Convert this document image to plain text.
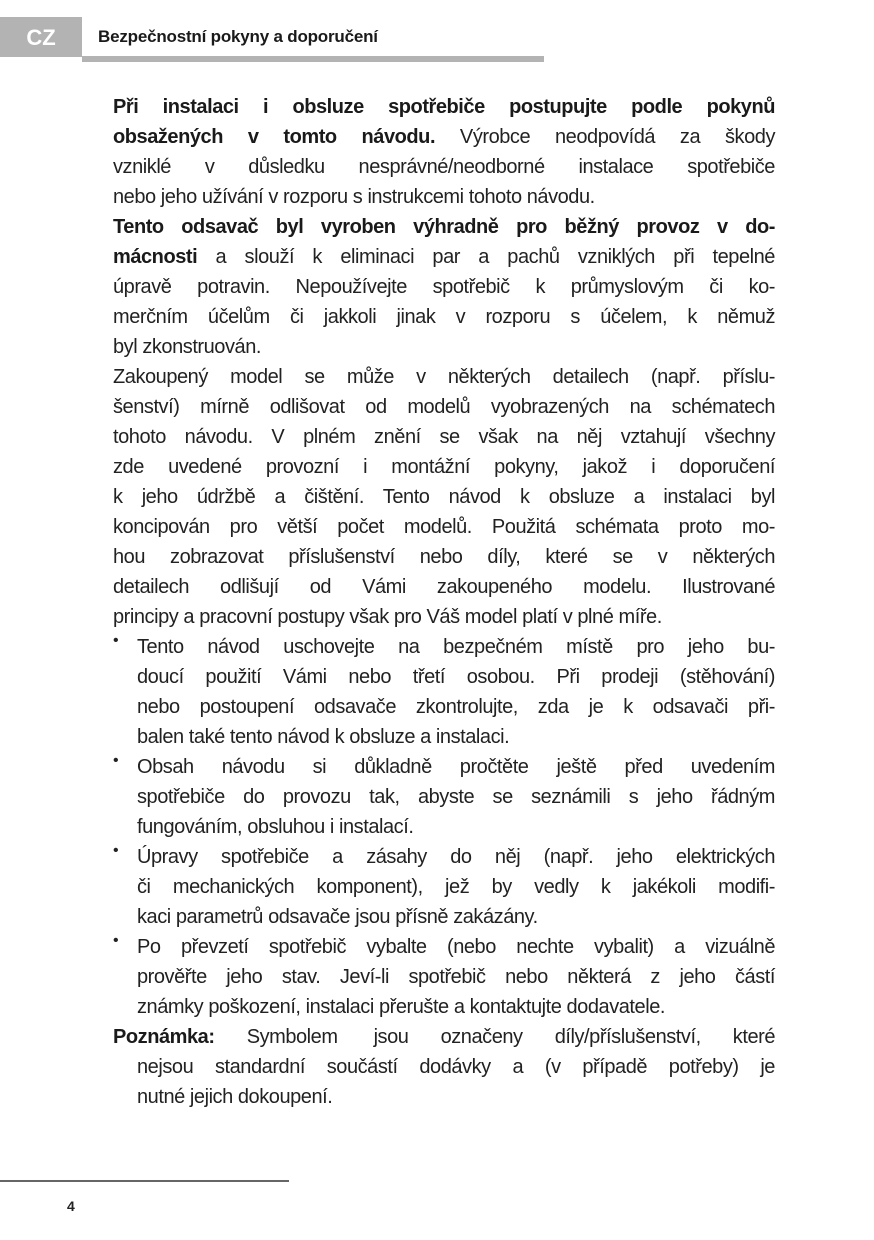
CZ	Bezpečnostní pokyny a doporučení
Při instalaci i obsluze spotřebiče postupujte podle pokynů
obsažených v tomto návodu. Výrobce neodpovídá za škody
vzniklé v důsledku nesprávné/neodborné instalace spotřebiče
nebo jeho užívání v rozporu s instrukcemi tohoto návodu.
Tento odsavač byl vyroben výhradně pro běžný provoz v do-
mácnosti a slouží k eliminaci par a pachů vzniklých při tepelné
úpravě potravin. Nepoužívejte spotřebič k průmyslovým či ko-
merčním účelům či jakkoli jinak v rozporu s účelem, k němuž
byl zkonstruován.
Zakoupený model se může v některých detailech (např. příslu-
šenství) mírně odlišovat od modelů vyobrazených na schématech
tohoto návodu. V plném znění se však na něj vztahují všechny
zde uvedené provozní i montážní pokyny, jakož i doporučení
k jeho údržbě a čištění. Tento návod k obsluze a instalaci byl
koncipován pro větší počet modelů. Použitá schémata proto mo-
hou zobrazovat příslušenství nebo díly, které se v některých
detailech odlišují od Vámi zakoupeného modelu. Ilustrované
principy a pracovní postupy však pro Váš model platí v plné míře.
• Tento návod uschovejte na bezpečném místě pro jeho bu-
doucí použití Vámi nebo třetí osobou. Při prodeji (stěhování)
nebo postoupení odsavače zkontrolujte, zda je k odsavači při-
balen také tento návod k obsluze a instalaci.
• Obsah návodu si důkladně pročtěte ještě před uvedením
spotřebiče do provozu tak, abyste se seznámili s jeho řádným
fungováním, obsluhou i instalací.
• Úpravy spotřebiče a zásahy do něj (např. jeho elektrických
či mechanických komponent), jež by vedly k jakékoli modifi-
kaci parametrů odsavače jsou přísně zakázány.
• Po převzetí spotřebič vybalte (nebo nechte vybalit) a vizuálně
prověřte jeho stav. Jeví-li spotřebič nebo některá z jeho částí
známky poškození, instalaci přerušte a kontaktujte dodavatele.
Poznámka: Symbolem jsou označeny díly/příslušenství, které
nejsou standardní součástí dodávky a (v případě potřeby) je
nutné jejich dokoupení.
4
